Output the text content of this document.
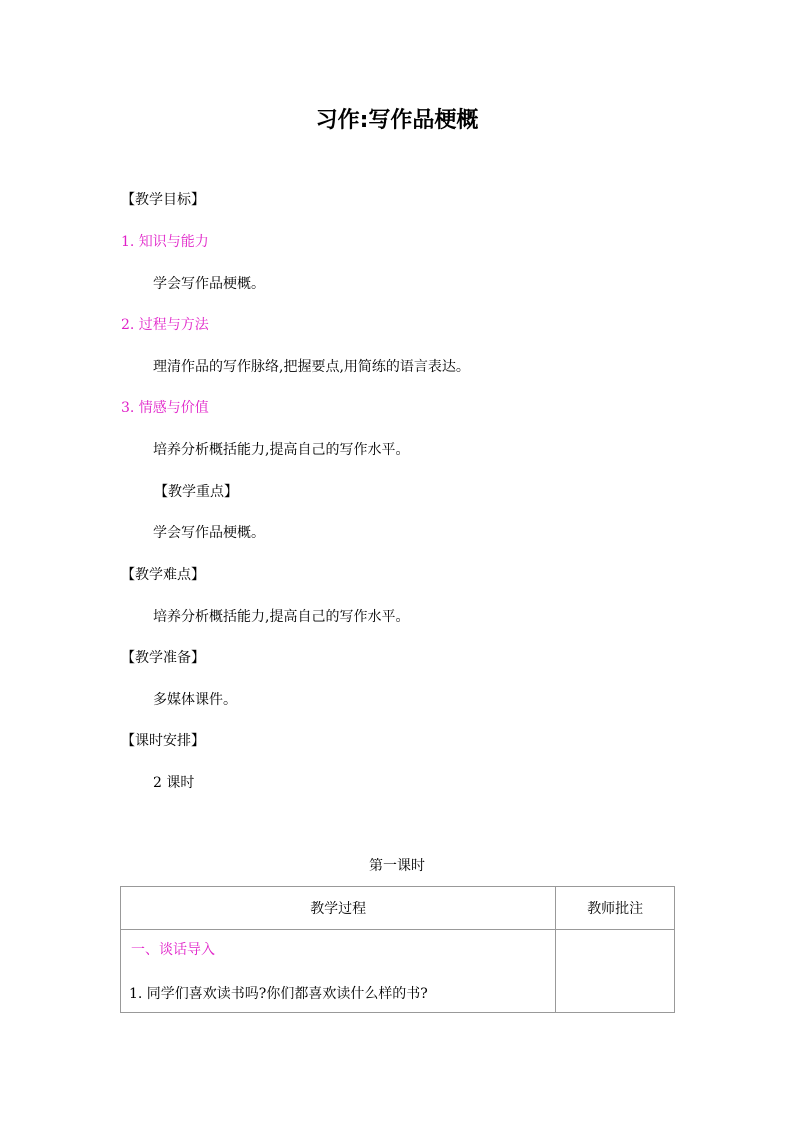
习作:写作品梗概
【教学目标】
1. 知识与能力
学会写作品梗概。
2. 过程与方法
理清作品的写作脉络,把握要点,用简练的语言表达。
3. 情感与价值
培养分析概括能力,提高自己的写作水平。
【教学重点】
学会写作品梗概。
【教学难点】
培养分析概括能力,提高自己的写作水平。
【教学准备】
多媒体课件。
【课时安排】
2 课时
第一课时
教学过程	教师批注

一、谈话导入
1. 同学们喜欢读书吗?你们都喜欢读什么样的书?	
